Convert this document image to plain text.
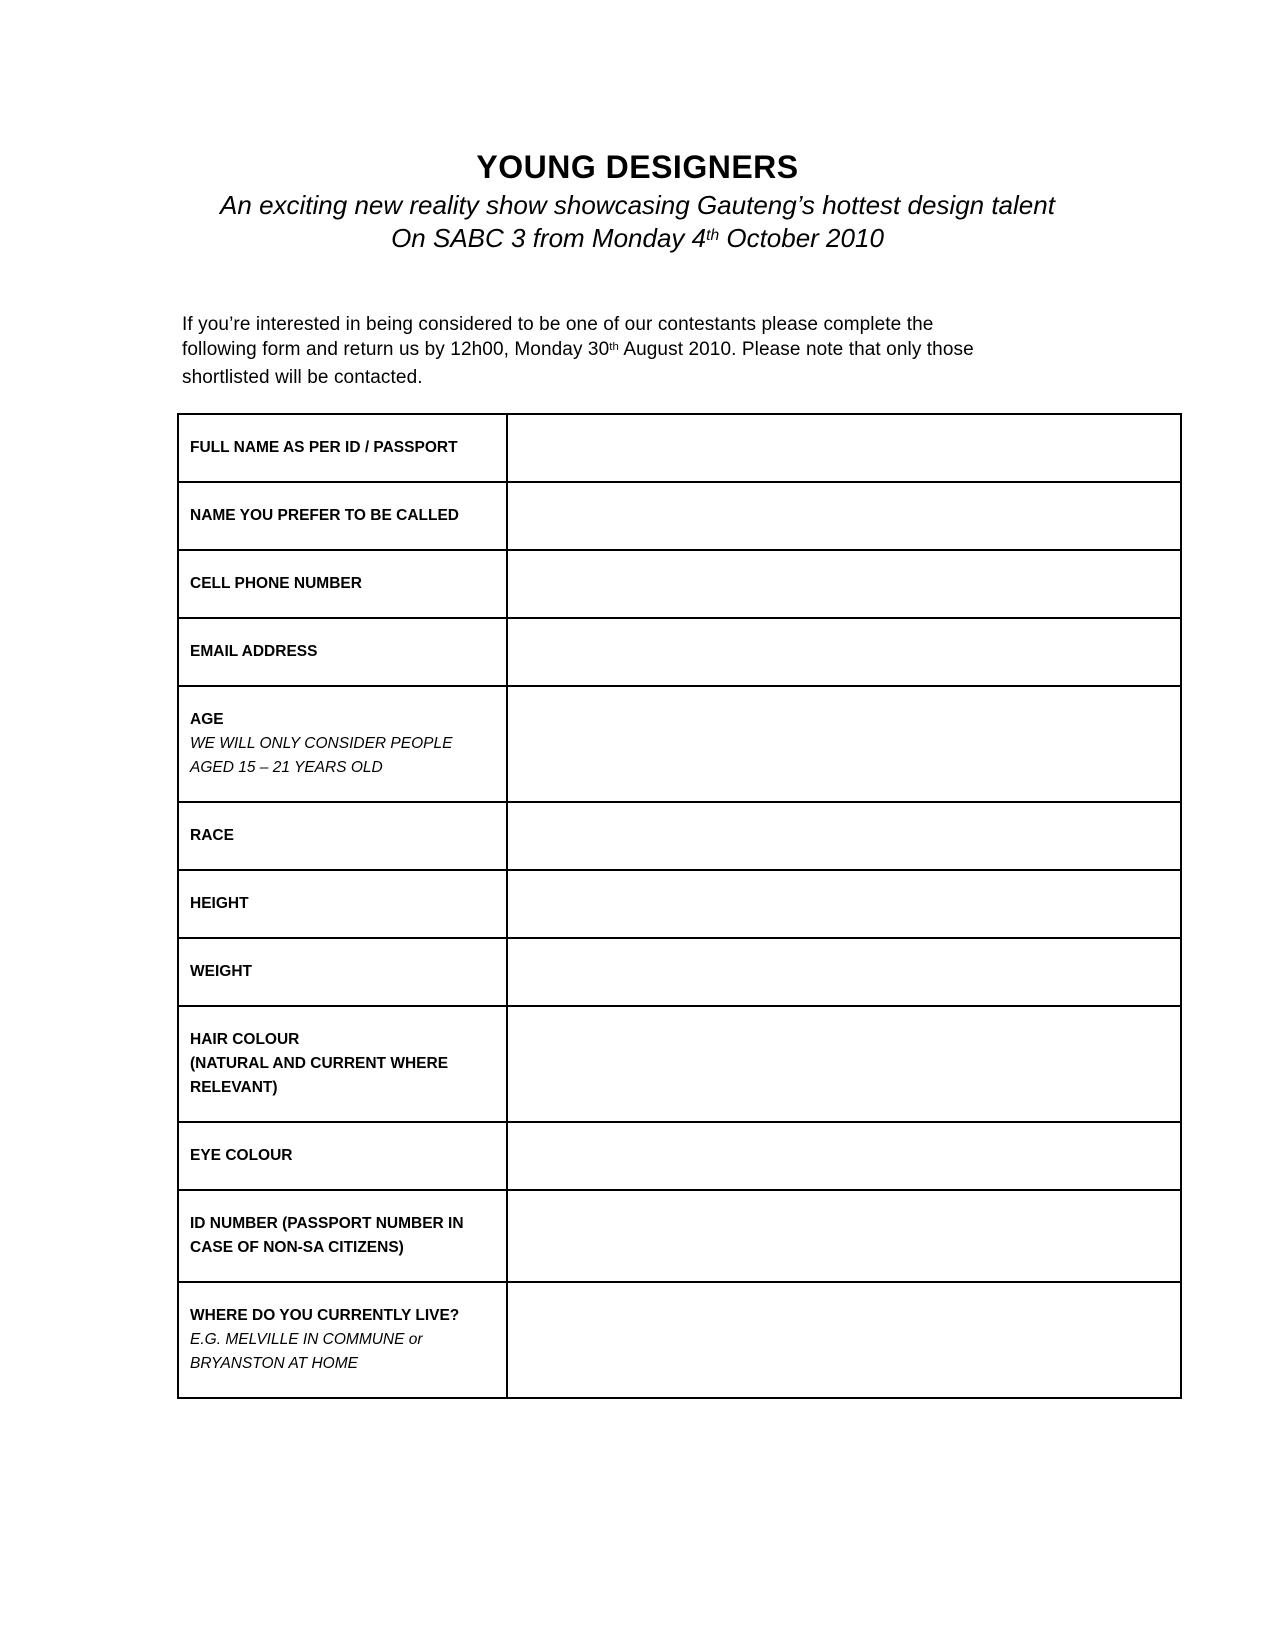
YOUNG DESIGNERS
An exciting new reality show showcasing Gauteng’s hottest design talent
On SABC 3 from Monday 4th October 2010
If you’re interested in being considered to be one of our contestants please complete the
following form and return us by 12h00, Monday 30th August 2010. Please note that only those
shortlisted will be contacted.
FULL NAME AS PER ID / PASSPORT	

NAME YOU PREFER TO BE CALLED	

CELL PHONE NUMBER	

EMAIL ADDRESS	

AGE
WE WILL ONLY CONSIDER PEOPLE
AGED 15 – 21 YEARS OLD	

RACE	

HEIGHT	

WEIGHT	

HAIR COLOUR
(NATURAL AND CURRENT WHERE
RELEVANT)	

EYE COLOUR	

ID NUMBER (PASSPORT NUMBER IN
CASE OF NON-SA CITIZENS)	

WHERE DO YOU CURRENTLY LIVE?
E.G. MELVILLE IN COMMUNE or
BRYANSTON AT HOME	
